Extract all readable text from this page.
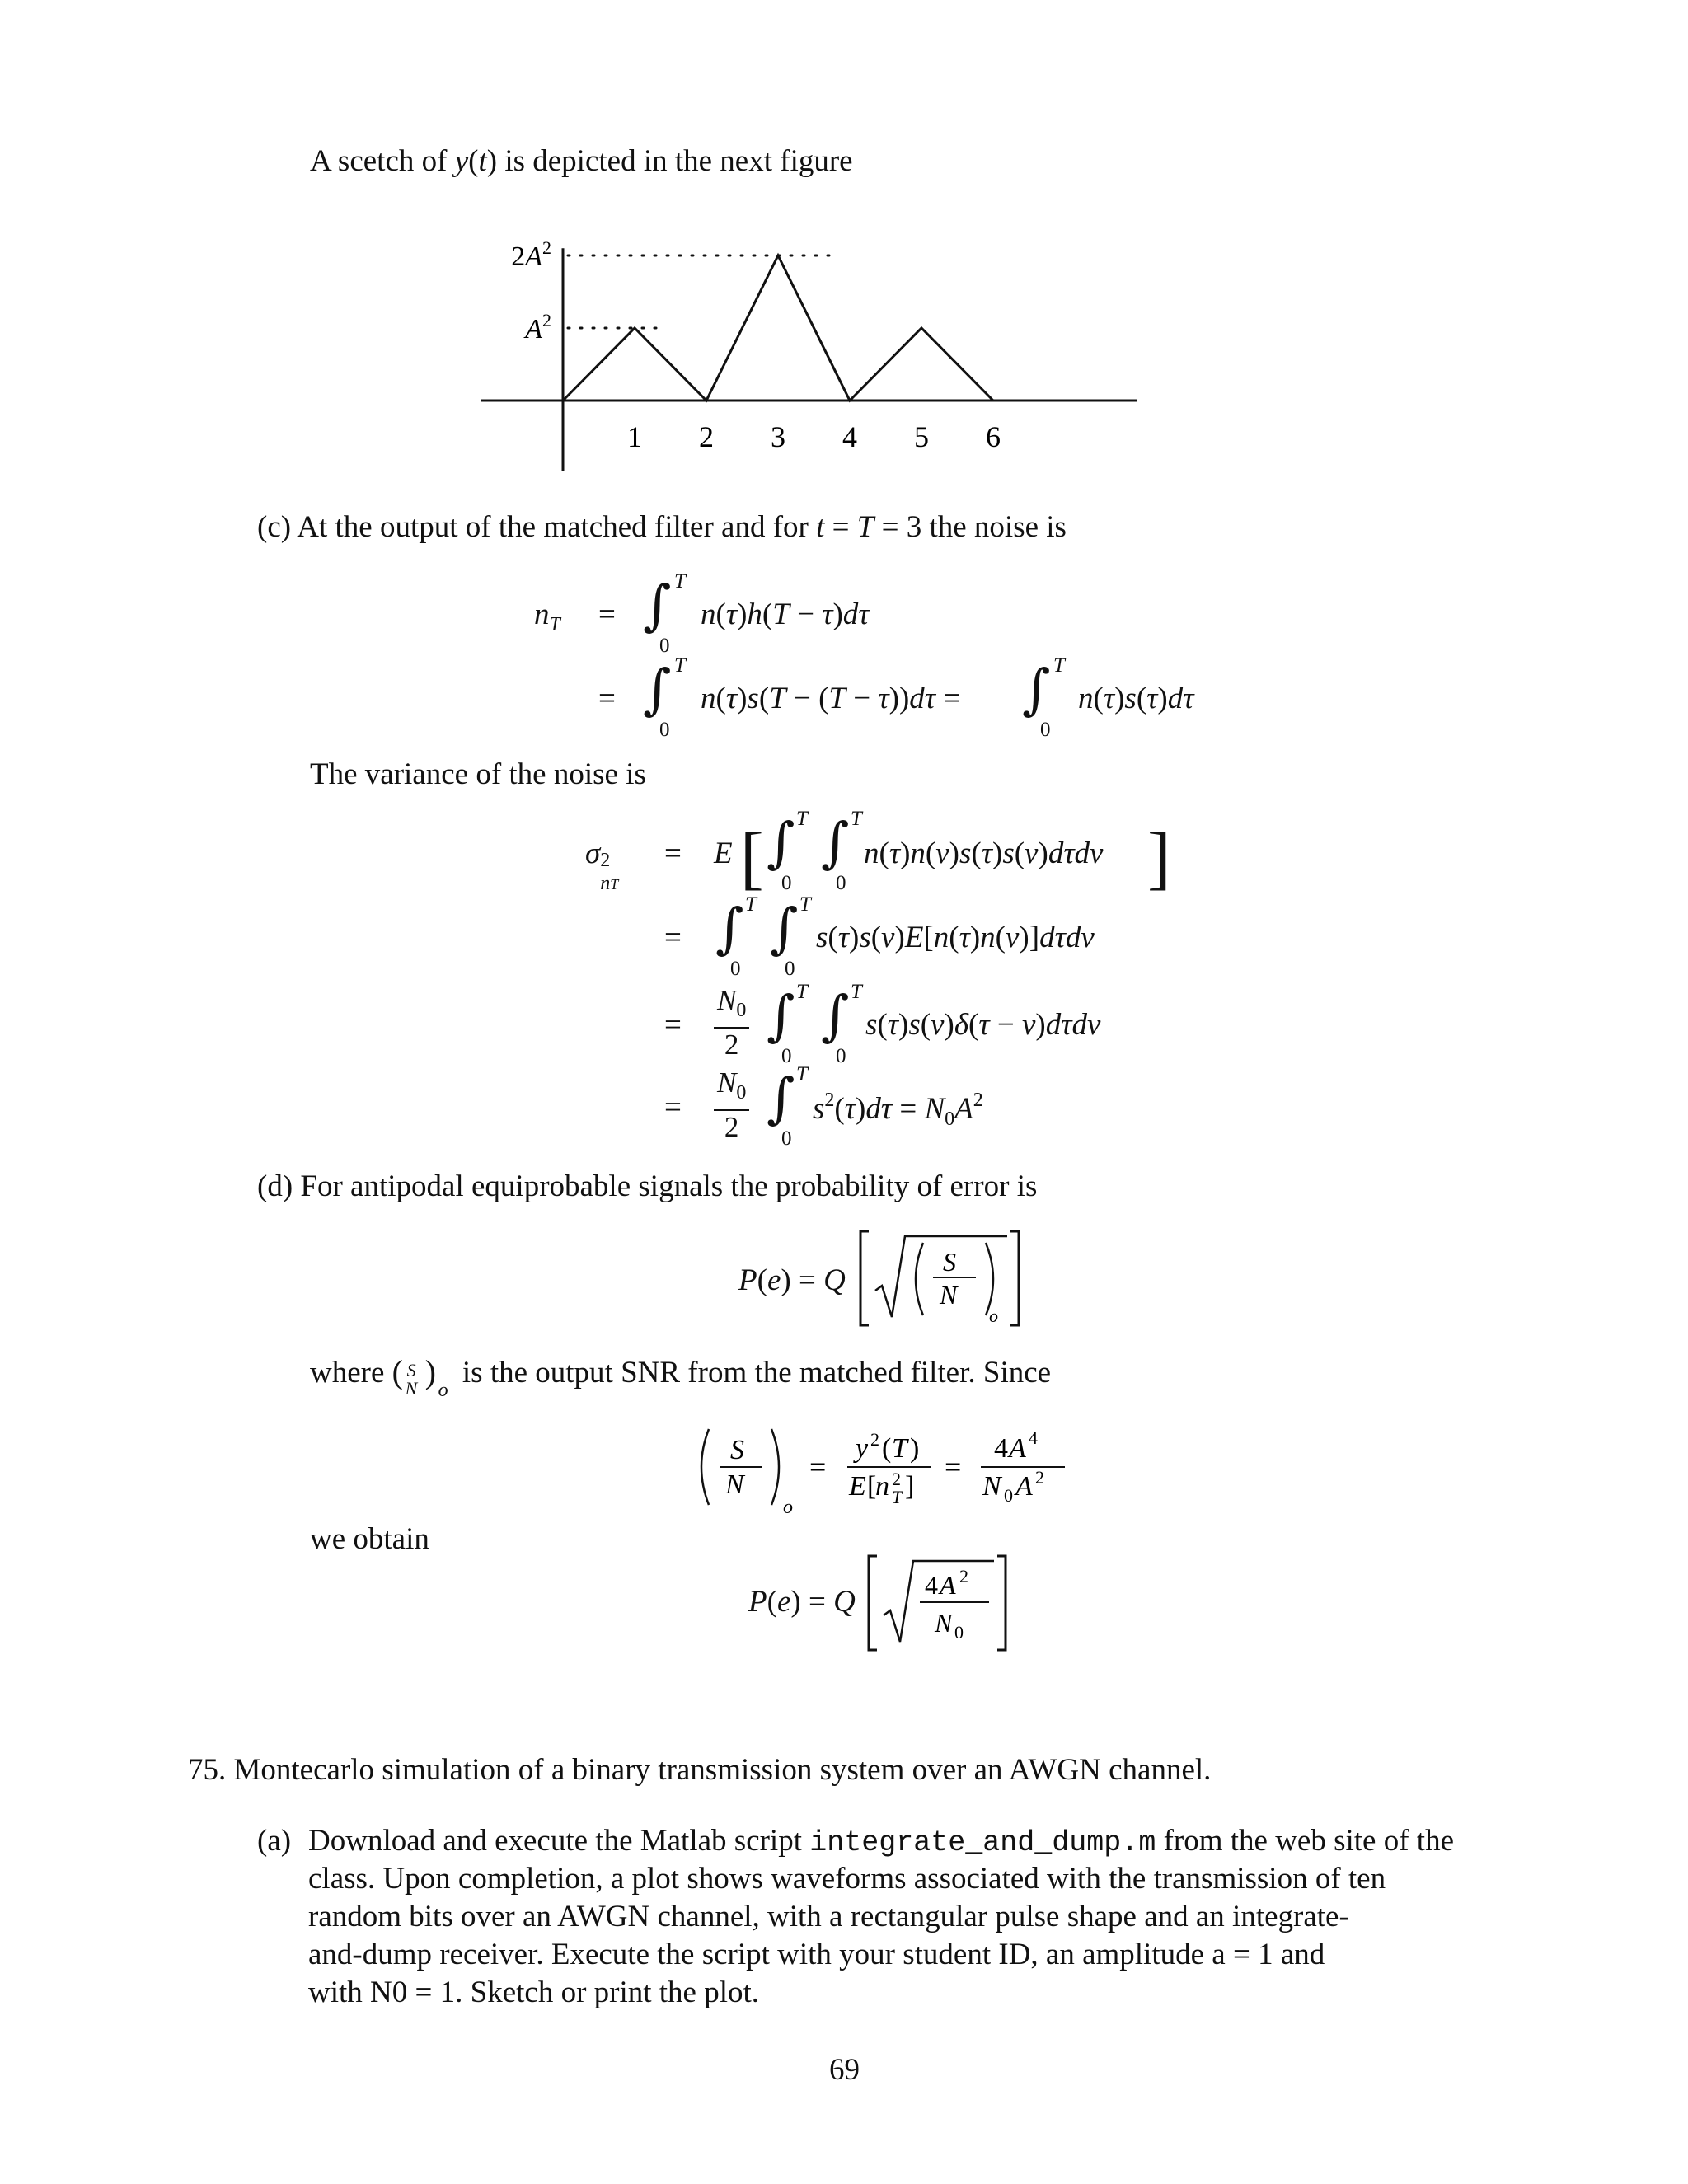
A scetch of y(t) is depicted in the next figure
1 2 3 4 5 6
$A^2$
$2A^2$
(c) At the output of the matched filter and for t = T = 3 the noise is
$n_T$ = ∫ T
0
n(τ)h(T − τ)dτ
= ∫ T
0
n(τ)s(T − (T − τ))dτ = ∫ T
0
n(τ)s(τ)dτ
The variance of the noise is
σ 2
nT
= E [ ∫ T
0
∫ T
0
n(τ)n(v)s(τ)s(v)dτdv ]
= ∫ T
0
∫ T
0
s(τ)s(v)E[n(τ)n(v)]dτdv
= $\frac{N_0}{2}$ ∫ T
0
∫ T
0
s(τ)s(v)δ(τ − v)dτdv
= $\frac{N_0}{2}$ ∫ T
0
$s^2(\tau)d\tau = N_0A^2$
(d) For antipodal equiprobable signals the probability of error is
P(e) = Q
S
N
o
where ( S
N ) o
is the output SNR from the matched filter. Since
S
N
o
=
y 2 ( T )
E [
n 2
T ]
=
4 A 4
N 0 A 2
we obtain
P(e) = Q	4 A 2
N 0
75. Montecarlo simulation of a binary transmission system over an AWGN channel.
(a) Download and execute the Matlab script integrate_and_dump.m from the web site of the
class. Upon completion, a plot shows waveforms associated with the transmission of ten
random bits over an AWGN channel, with a rectangular pulse shape and an integrate-
and-dump receiver. Execute the script with your student ID, an amplitude a = 1 and
with N0 = 1. Sketch or print the plot.
69
